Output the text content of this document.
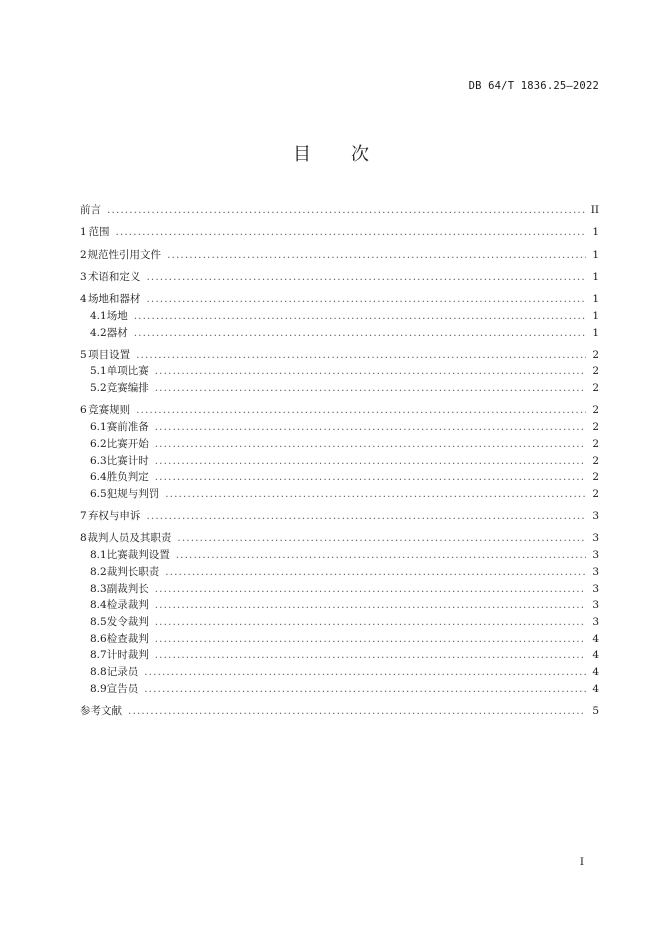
DB 64/T 1836.25—2022
目 次
前言 .....	II
1 范围 .....	1
2 规范性引用文件 .....	1
3 术语和定义 .....	1
4 场地和器材 .....	1
4.1 场地 .....	1
4.2 器材 .....	1
5 项目设置 .....	2
5.1 单项比赛 .....	2
5.2 竞赛编排 .....	2
6 竞赛规则 .....	2
6.1 赛前准备 .....	2
6.2 比赛开始 .....	2
6.3 比赛计时 .....	2
6.4 胜负判定 .....	2
6.5 犯规与判罚 .....	2
7 弃权与申诉 .....	3
8 裁判人员及其职责 .....	3
8.1 比赛裁判设置 .....	3
8.2 裁判长职责 .....	3
8.3 副裁判长 .....	3
8.4 检录裁判 .....	3
8.5 发令裁判 .....	3
8.6 检查裁判 .....	4
8.7 计时裁判 .....	4
8.8 记录员 .....	4
8.9 宣告员 .....	4
参考文献 .....	5
I
